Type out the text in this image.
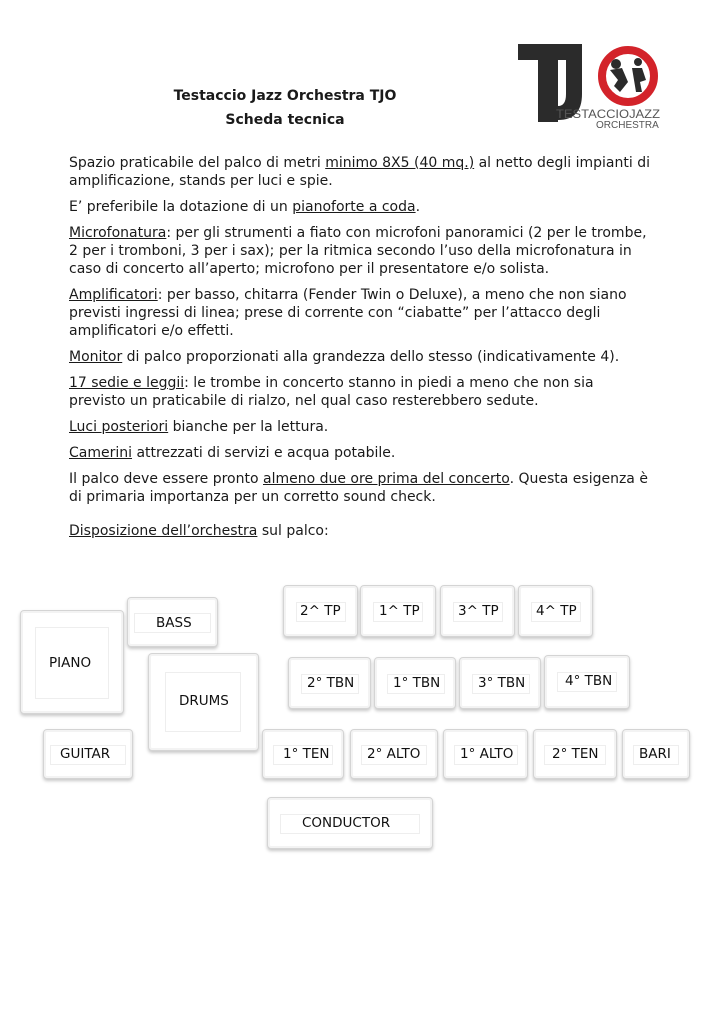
Testaccio Jazz Orchestra TJO
Scheda tecnica	TESTACCIOJAZZ
ORCHESTRA

Spazio praticabile del palco di metri minimo 8X5 (40 mq.) al netto degli impianti di amplificazione, stands per luci e spie.

E’ preferibile la dotazione di un pianoforte a coda.

Microfonatura: per gli strumenti a fiato con microfoni panoramici (2 per le trombe, 2 per i tromboni, 3 per i sax); per la ritmica secondo l’uso della microfonatura in caso di concerto all’aperto; microfono per il presentatore e/o solista.

Amplificatori: per basso, chitarra (Fender Twin o Deluxe), a meno che non siano previsti ingressi di linea; prese di corrente con “ciabatte” per l’attacco degli amplificatori e/o effetti.

Monitor di palco proporzionati alla grandezza dello stesso (indicativamente 4).

17 sedie e leggii: le trombe in concerto stanno in piedi a meno che non sia previsto un praticabile di rialzo, nel qual caso resterebbero sedute.

Luci posteriori bianche per la lettura.

Camerini attrezzati di servizi e acqua potabile.

Il palco deve essere pronto almeno due ore prima del concerto. Questa esigenza è di primaria importanza per un corretto sound check.

Disposizione dell’orchestra sul palco:

PIANO
BASS
DRUMS
GUITAR
2^ TP	1^ TP	3^ TP	4^ TP
2° TBN	1° TBN	3° TBN	4° TBN
1° TEN	2° ALTO	1° ALTO	2° TEN	BARI
CONDUCTOR
